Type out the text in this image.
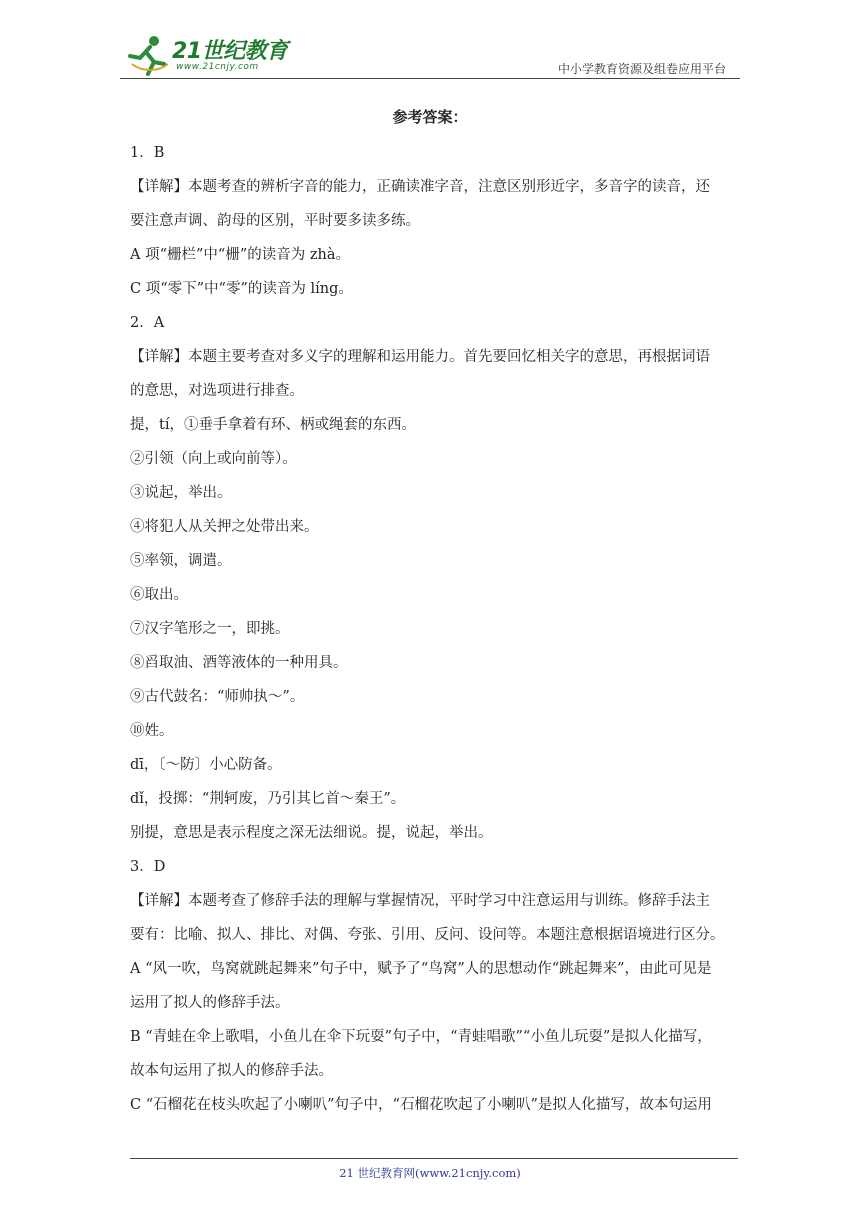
21世纪教育
www.21cnjy.com	中小学教育资源及组卷应用平台
参考答案：
1．B
【详解】本题考查的辨析字音的能力，正确读准字音，注意区别形近字，多音字的读音，还
要注意声调、韵母的区别，平时要多读多练。
A 项“栅栏”中“栅”的读音为 zhà。
C 项“零下”中“零”的读音为 líng。
2．A
【详解】本题主要考查对多义字的理解和运用能力。首先要回忆相关字的意思，再根据词语
的意思，对选项进行排查。
提，tí，①垂手拿着有环、柄或绳套的东西。
②引领（向上或向前等）。
③说起，举出。
④将犯人从关押之处带出来。
⑤率领，调遣。
⑥取出。
⑦汉字笔形之一，即挑。
⑧舀取油、酒等液体的一种用具。
⑨古代鼓名：“师帅执～”。
⑩姓。
dī，〔～防〕小心防备。
dǐ，投掷：“荆轲废，乃引其匕首～秦王”。
别提，意思是表示程度之深无法细说。提，说起，举出。
3．D
【详解】本题考查了修辞手法的理解与掌握情况，平时学习中注意运用与训练。修辞手法主
要有：比喻、拟人、排比、对偶、夸张、引用、反问、设问等。本题注意根据语境进行区分。
A “风一吹，鸟窝就跳起舞来”句子中，赋予了“鸟窝”人的思想动作“跳起舞来”，由此可见是
运用了拟人的修辞手法。
B “青蛙在伞上歌唱，小鱼儿在伞下玩耍”句子中，“青蛙唱歌”“小鱼儿玩耍”是拟人化描写，
故本句运用了拟人的修辞手法。
C “石榴花在枝头吹起了小喇叭”句子中，“石榴花吹起了小喇叭”是拟人化描写，故本句运用
21 世纪教育网(www.21cnjy.com)
